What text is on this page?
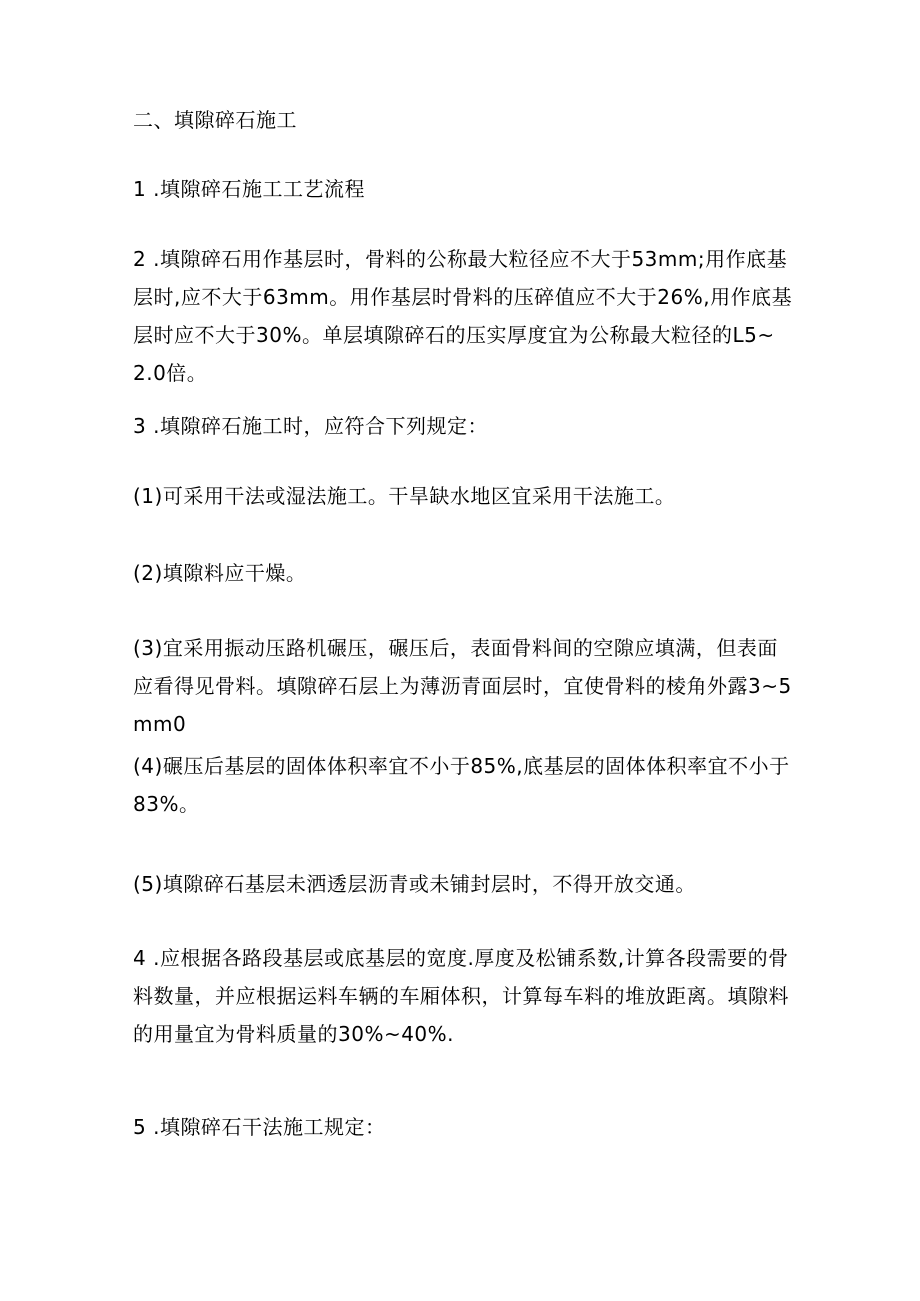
二、填隙碎石施工

1 .填隙碎石施工工艺流程

2 .填隙碎石用作基层时，骨料的公称最大粒径应不大于53mm;用作底基层时,应不大于63mm。用作基层时骨料的压碎值应不大于26%,用作底基层时应不大于30%。单层填隙碎石的压实厚度宜为公称最大粒径的L5~2.0倍。

3 .填隙碎石施工时，应符合下列规定：

(1)可采用干法或湿法施工。干旱缺水地区宜采用干法施工。

(2)填隙料应干燥。

(3)宜采用振动压路机碾压，碾压后，表面骨料间的空隙应填满，但表面应看得见骨料。填隙碎石层上为薄沥青面层时，宜使骨料的棱角外露3~5mm0

(4)碾压后基层的固体体积率宜不小于85%,底基层的固体体积率宜不小于83%。

(5)填隙碎石基层未洒透层沥青或未铺封层时，不得开放交通。

4 .应根据各路段基层或底基层的宽度.厚度及松铺系数,计算各段需要的骨料数量，并应根据运料车辆的车厢体积，计算每车料的堆放距离。填隙料的用量宜为骨料质量的30%~40%.

5 .填隙碎石干法施工规定：
